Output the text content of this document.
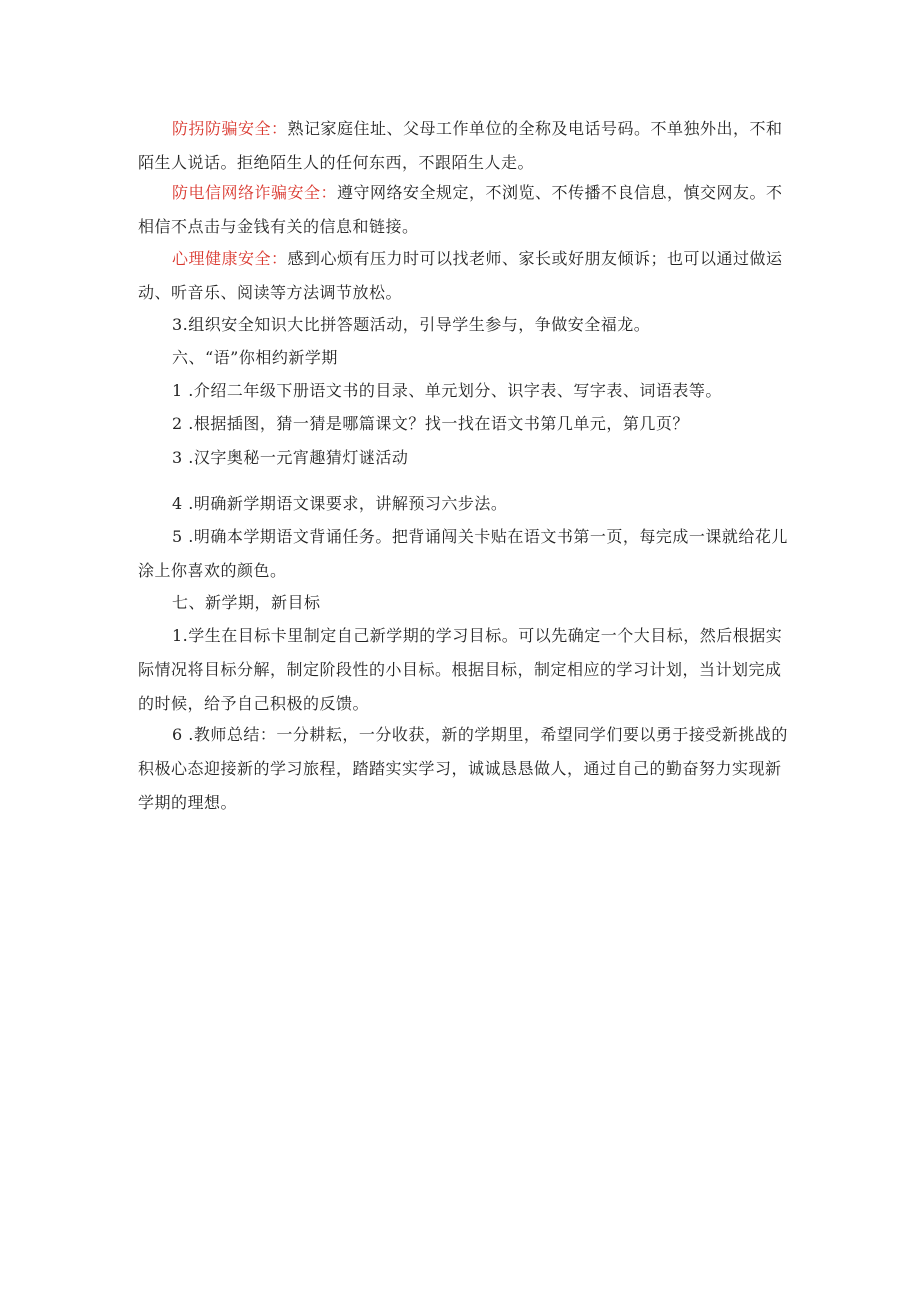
防拐防骗安全：熟记家庭住址、父母工作单位的全称及电话号码。不单独外出，不和陌生人说话。拒绝陌生人的任何东西，不跟陌生人走。

防电信网络诈骗安全：遵守网络安全规定，不浏览、不传播不良信息，慎交网友。不相信不点击与金钱有关的信息和链接。

心理健康安全：感到心烦有压力时可以找老师、家长或好朋友倾诉；也可以通过做运动、听音乐、阅读等方法调节放松。

3.组织安全知识大比拼答题活动，引导学生参与，争做安全福龙。

六、“语”你相约新学期

1 .介绍二年级下册语文书的目录、单元划分、识字表、写字表、词语表等。

2 .根据插图，猜一猜是哪篇课文？找一找在语文书第几单元，第几页？

3 .汉字奥秘一元宵趣猜灯谜活动

4 .明确新学期语文课要求，讲解预习六步法。

5 .明确本学期语文背诵任务。把背诵闯关卡贴在语文书第一页，每完成一课就给花儿涂上你喜欢的颜色。

七、新学期，新目标

1.学生在目标卡里制定自己新学期的学习目标。可以先确定一个大目标，然后根据实际情况将目标分解，制定阶段性的小目标。根据目标，制定相应的学习计划，当计划完成的时候，给予自己积极的反馈。

6 .教师总结：一分耕耘，一分收获，新的学期里，希望同学们要以勇于接受新挑战的积极心态迎接新的学习旅程，踏踏实实学习，诚诚恳恳做人，通过自己的勤奋努力实现新学期的理想。
